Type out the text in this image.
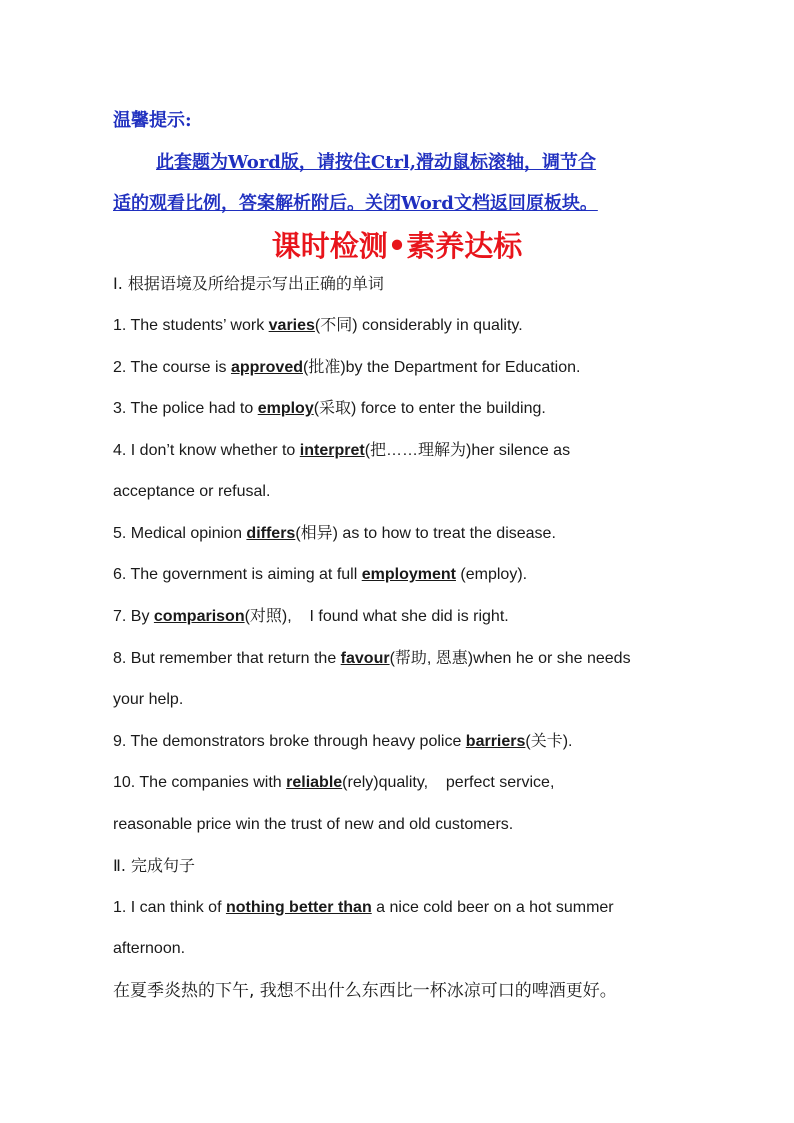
温馨提示:
此套题为Word版，请按住Ctrl,滑动鼠标滚轴，调节合
适的观看比例，答案解析附后。关闭Word文档返回原板块。
课时检测•素养达标
Ⅰ. 根据语境及所给提示写出正确的单词
1. The students’ work varies(不同) considerably in quality.
2. The course is approved(批准)by the Department for Education.
3. The police had to employ(采取) force to enter the building.
4. I don’t know whether to interpret(把……理解为)her silence as
acceptance or refusal.
5. Medical opinion differs(相异) as to how to treat the disease.
6. The government is aiming at full employment (employ).
7. By comparison(对照),    I found what she did is right.
8. But remember that return the favour(帮助, 恩惠)when he or she needs
your help.
9. The demonstrators broke through heavy police barriers(关卡).
10. The companies with reliable(rely)quality,    perfect service,
reasonable price win the trust of new and old customers.
Ⅱ. 完成句子
1. I can think of nothing better than a nice cold beer on a hot summer
afternoon.
在夏季炎热的下午, 我想不出什么东西比一杯冰凉可口的啤酒更好。
